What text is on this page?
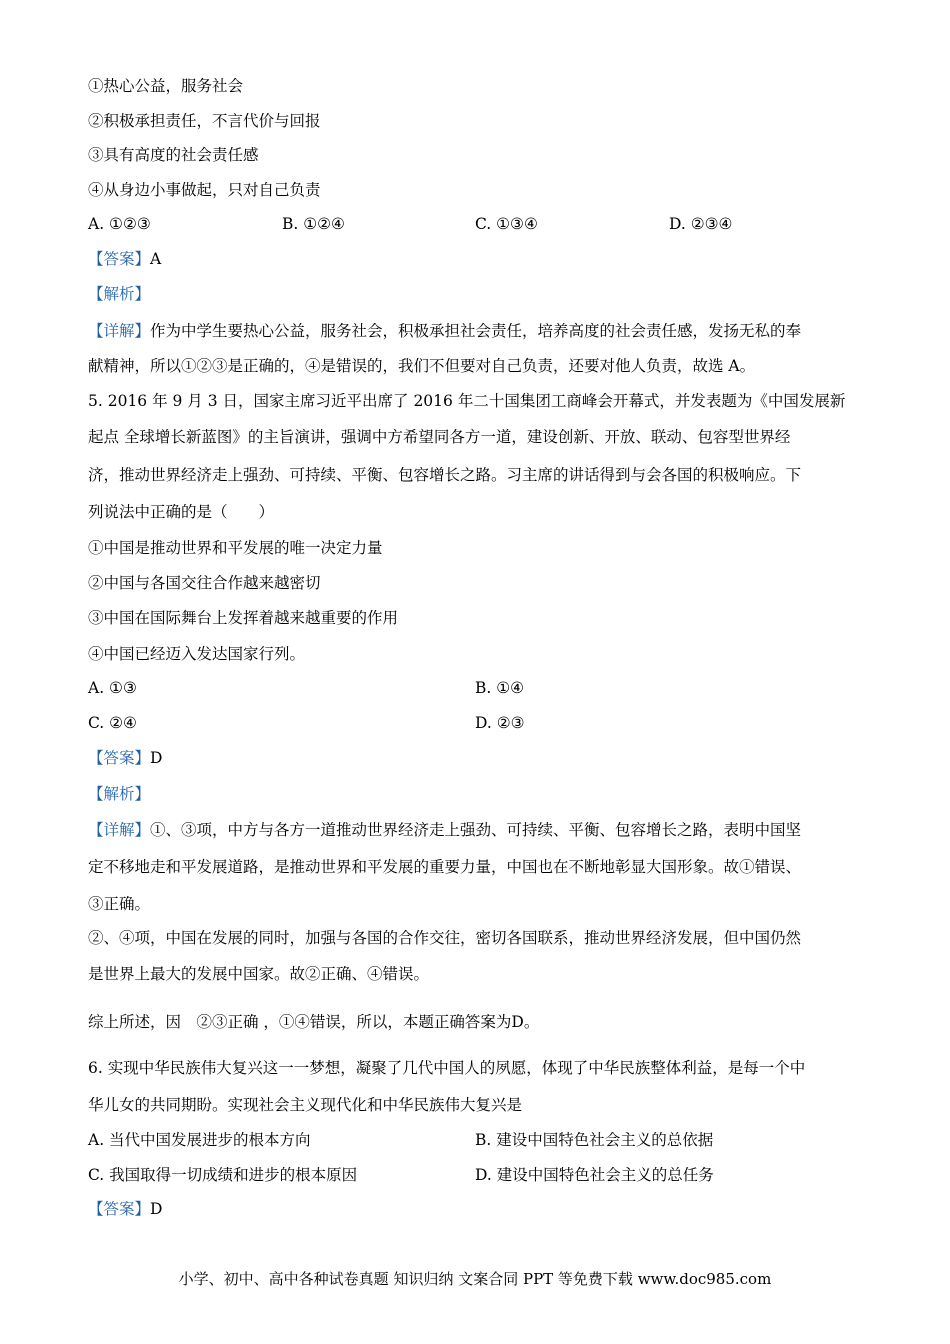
①热心公益，服务社会
②积极承担责任，不言代价与回报
③具有高度的社会责任感
④从身边小事做起，只对自己负责
A. ①②③	B. ①②④	C. ①③④	D. ②③④
【答案】A
【解析】
【详解】作为中学生要热心公益，服务社会，积极承担社会责任，培养高度的社会责任感，发扬无私的奉
献精神，所以①②③是正确的，④是错误的，我们不但要对自己负责，还要对他人负责，故选 A。
5. 2016 年 9 月 3 日，国家主席习近平出席了 2016 年二十国集团工商峰会开幕式，并发表题为《中国发展新
起点 全球增长新蓝图》的主旨演讲，强调中方希望同各方一道，建设创新、开放、联动、包容型世界经
济，推动世界经济走上强劲、可持续、平衡、包容增长之路。习主席的讲话得到与会各国的积极响应。下
列说法中正确的是（　　）
①中国是推动世界和平发展的唯一决定力量
②中国与各国交往合作越来越密切
③中国在国际舞台上发挥着越来越重要的作用
④中国已经迈入发达国家行列。
A. ①③	B. ①④
C. ②④	D. ②③
【答案】D
【解析】
【详解】①、③项，中方与各方一道推动世界经济走上强劲、可持续、平衡、包容增长之路，表明中国坚
定不移地走和平发展道路，是推动世界和平发展的重要力量，中国也在不断地彰显大国形象。故①错误、
③正确。
②、④项，中国在发展的同时，加强与各国的合作交往，密切各国联系，推动世界经济发展，但中国仍然
是世界上最大的发展中国家。故②正确、④错误。
综上所述，因　②③正确 ，①④错误，所以，本题正确答案为D。
6. 实现中华民族伟大复兴这一一梦想，凝聚了几代中国人的夙愿，体现了中华民族整体利益，是每一个中
华儿女的共同期盼。实现社会主义现代化和中华民族伟大复兴是
A. 当代中国发展进步的根本方向	B. 建设中国特色社会主义的总依据
C. 我国取得一切成绩和进步的根本原因	D. 建设中国特色社会主义的总任务
【答案】D
小学、初中、高中各种试卷真题 知识归纳 文案合同 PPT 等免费下载 www.doc985.com
